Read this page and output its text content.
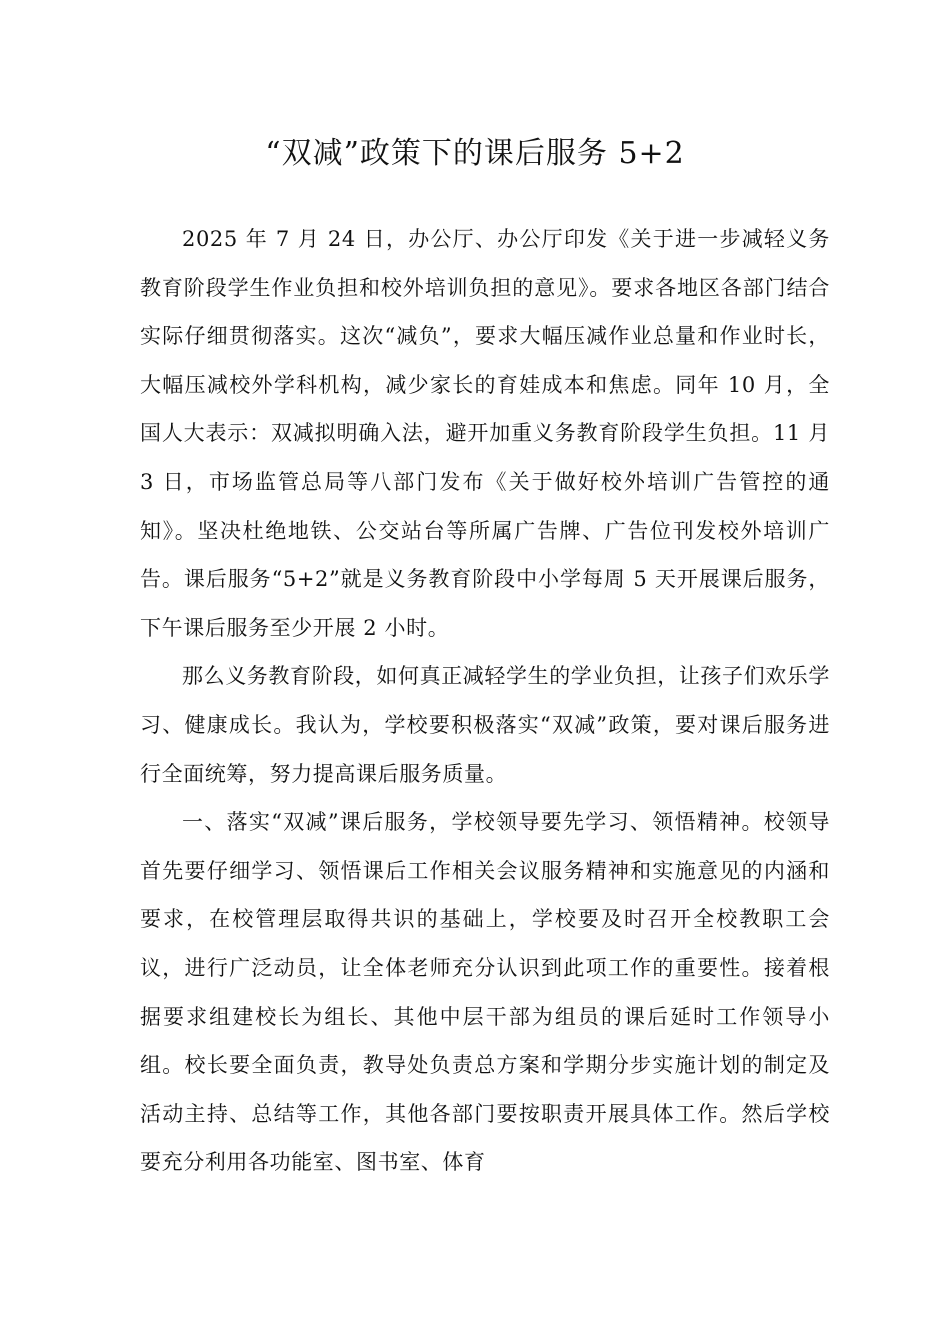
“双减”政策下的课后服务 5+2

2025 年 7 月 24 日，办公厅、办公厅印发《关于进一步减轻义务教育阶段学生作业负担和校外培训负担的意见》。要求各地区各部门结合实际仔细贯彻落实。这次“减负”，要求大幅压减作业总量和作业时长，大幅压减校外学科机构，减少家长的育娃成本和焦虑。同年 10 月，全国人大表示：双减拟明确入法，避开加重义务教育阶段学生负担。11 月 3 日，市场监管总局等八部门发布《关于做好校外培训广告管控的通知》。坚决杜绝地铁、公交站台等所属广告牌、广告位刊发校外培训广告。课后服务“5+2”就是义务教育阶段中小学每周 5 天开展课后服务，下午课后服务至少开展 2 小时。

那么义务教育阶段，如何真正减轻学生的学业负担，让孩子们欢乐学习、健康成长。我认为，学校要积极落实“双减”政策，要对课后服务进行全面统筹，努力提高课后服务质量。

一、落实“双减”课后服务，学校领导要先学习、领悟精神。校领导首先要仔细学习、领悟课后工作相关会议服务精神和实施意见的内涵和要求，在校管理层取得共识的基础上，学校要及时召开全校教职工会议，进行广泛动员，让全体老师充分认识到此项工作的重要性。接着根据要求组建校长为组长、其他中层干部为组员的课后延时工作领导小组。校长要全面负责，教导处负责总方案和学期分步实施计划的制定及活动主持、总结等工作，其他各部门要按职责开展具体工作。然后学校要充分利用各功能室、图书室、体育
